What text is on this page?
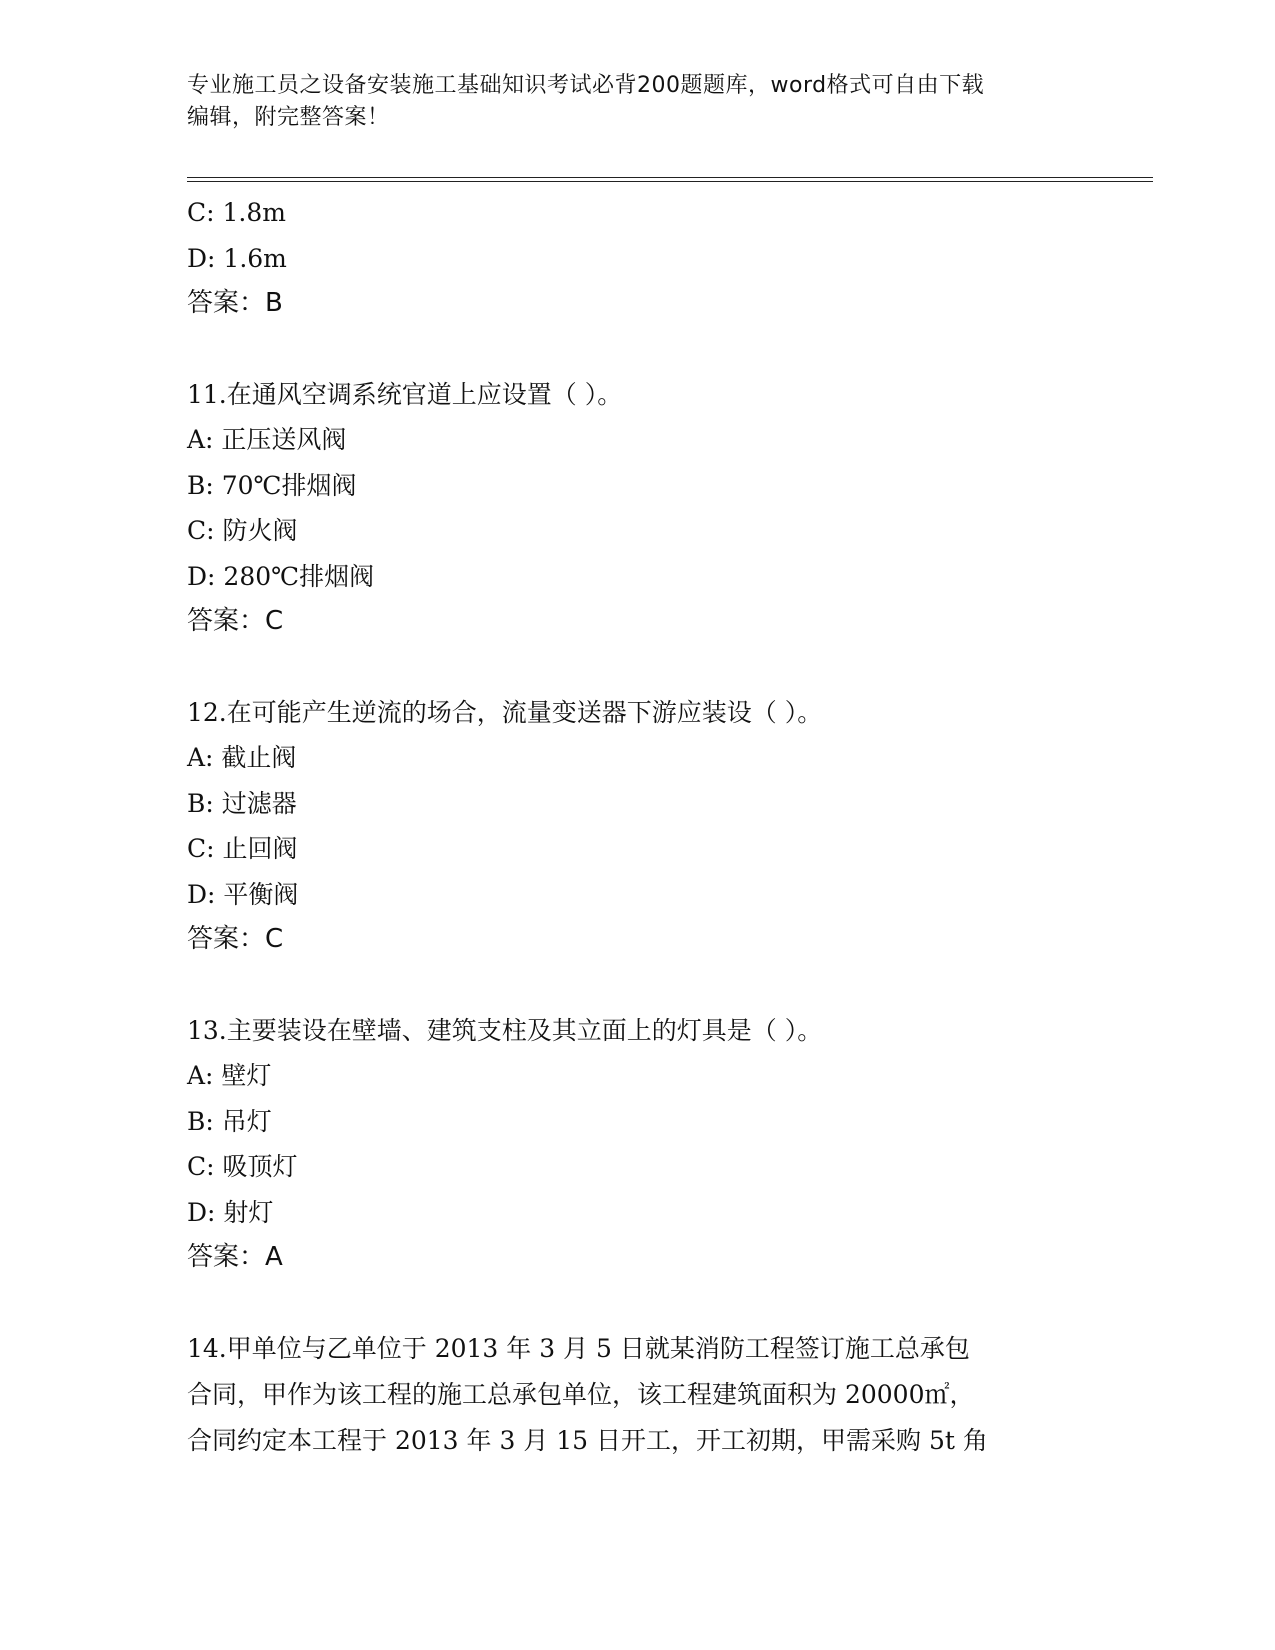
专业施工员之设备安装施工基础知识考试必背200题题库，word格式可自由下载
编辑，附完整答案！
C: 1.8m
D: 1.6m
答案：B
11.在通风空调系统官道上应设置（ ）。
A: 正压送风阀
B: 70℃排烟阀
C: 防火阀
D: 280℃排烟阀
答案：C
12.在可能产生逆流的场合，流量变送器下游应装设（ ）。
A: 截止阀
B: 过滤器
C: 止回阀
D: 平衡阀
答案：C
13.主要装设在壁墙、建筑支柱及其立面上的灯具是（ ）。
A: 壁灯
B: 吊灯
C: 吸顶灯
D: 射灯
答案：A
14.甲单位与乙单位于 2013 年 3 月 5 日就某消防工程签订施工总承包
合同，甲作为该工程的施工总承包单位，该工程建筑面积为 20000㎡，
合同约定本工程于 2013 年 3 月 15 日开工，开工初期，甲需采购 5t 角
